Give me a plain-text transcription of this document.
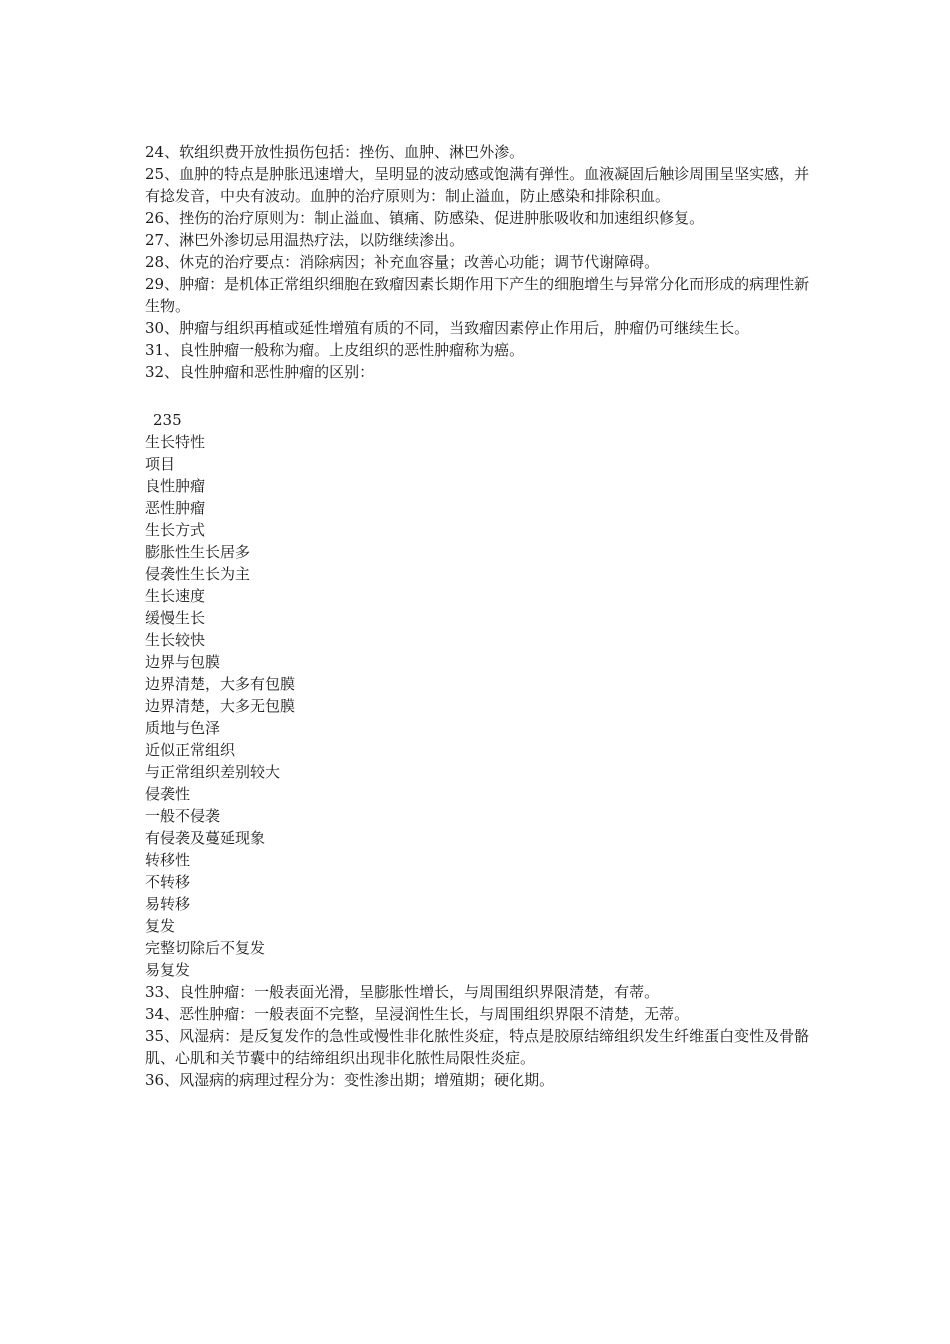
24、软组织费开放性损伤包括：挫伤、血肿、淋巴外渗。

25、血肿的特点是肿胀迅速增大，呈明显的波动感或饱满有弹性。血液凝固后触诊周围呈坚实感，并有捻发音，中央有波动。血肿的治疗原则为：制止溢血，防止感染和排除积血。

26、挫伤的治疗原则为：制止溢血、镇痛、防感染、促进肿胀吸收和加速组织修复。

27、淋巴外渗切忌用温热疗法，以防继续渗出。

28、休克的治疗要点：消除病因；补充血容量；改善心功能；调节代谢障碍。

29、肿瘤：是机体正常组织细胞在致瘤因素长期作用下产生的细胞增生与异常分化而形成的病理性新生物。

30、肿瘤与组织再植或延性增殖有质的不同，当致瘤因素停止作用后，肿瘤仍可继续生长。

31、良性肿瘤一般称为瘤。上皮组织的恶性肿瘤称为癌。

32、良性肿瘤和恶性肿瘤的区别：

235

生长特性

项目

良性肿瘤

恶性肿瘤

生长方式

膨胀性生长居多

侵袭性生长为主

生长速度

缓慢生长

生长较快

边界与包膜

边界清楚，大多有包膜

边界清楚，大多无包膜

质地与色泽

近似正常组织

与正常组织差别较大

侵袭性

一般不侵袭

有侵袭及蔓延现象

转移性

不转移

易转移

复发

完整切除后不复发

易复发

33、良性肿瘤：一般表面光滑，呈膨胀性增长，与周围组织界限清楚，有蒂。

34、恶性肿瘤：一般表面不完整，呈浸润性生长，与周围组织界限不清楚，无蒂。

35、风湿病：是反复发作的急性或慢性非化脓性炎症，特点是胶原结缔组织发生纤维蛋白变性及骨骼肌、心肌和关节囊中的结缔组织出现非化脓性局限性炎症。

36、风湿病的病理过程分为：变性渗出期；增殖期；硬化期。
